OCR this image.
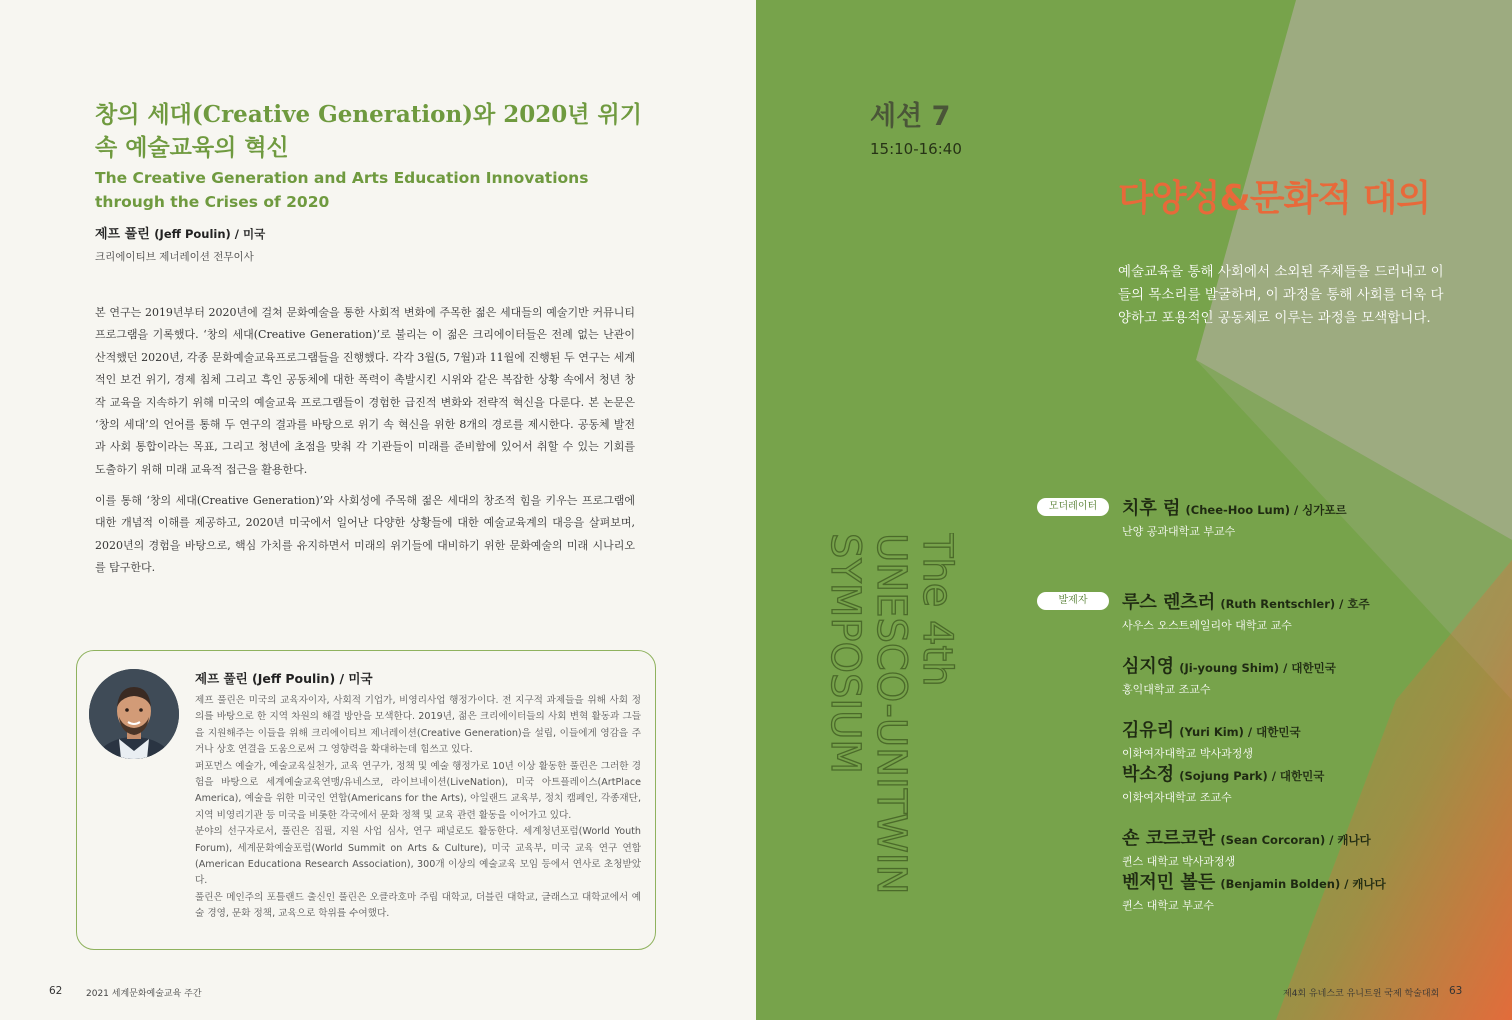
창의 세대(Creative Generation)와 2020년 위기 속 예술교육의 혁신
The Creative Generation and Arts Education Innovations through the Crises of 2020
제프 풀린 (Jeff Poulin) / 미국
크리에이티브 제너레이션 전무이사

본 연구는 2019년부터 2020년에 걸쳐 문화예술을 통한 사회적 변화에 주목한 젊은 세대들의 예술기반 커뮤니티 프로그램을 기록했다. ‘창의 세대(Creative Generation)’로 불리는 이 젊은 크리에이터들은 전례 없는 난관이 산적했던 2020년, 각종 문화예술교육프로그램들을 진행했다. 각각 3월(5, 7월)과 11월에 진행된 두 연구는 세계적인 보건 위기, 경제 침체 그리고 흑인 공동체에 대한 폭력이 촉발시킨 시위와 같은 복잡한 상황 속에서 청년 창작 교육을 지속하기 위해 미국의 예술교육 프로그램들이 경험한 급진적 변화와 전략적 혁신을 다룬다. 본 논문은 ‘창의 세대’의 언어를 통해 두 연구의 결과를 바탕으로 위기 속 혁신을 위한 8개의 경로를 제시한다. 공동체 발전과 사회 통합이라는 목표, 그리고 청년에 초점을 맞춰 각 기관들이 미래를 준비함에 있어서 취할 수 있는 기회를 도출하기 위해 미래 교육적 접근을 활용한다.

이를 통해 ‘창의 세대(Creative Generation)’와 사회성에 주목해 젊은 세대의 창조적 힘을 키우는 프로그램에 대한 개념적 이해를 제공하고, 2020년 미국에서 일어난 다양한 상황들에 대한 예술교육계의 대응을 살펴보며, 2020년의 경험을 바탕으로, 핵심 가치를 유지하면서 미래의 위기들에 대비하기 위한 문화예술의 미래 시나리오를 탐구한다.

제프 풀린 (Jeff Poulin) / 미국

제프 풀린은 미국의 교육자이자, 사회적 기업가, 비영리사업 행정가이다. 전 지구적 과제들을 위해 사회 정의를 바탕으로 한 지역 차원의 해결 방안을 모색한다. 2019년, 젊은 크리에이터들의 사회 변혁 활동과 그들을 지원해주는 이들을 위해 크리에이티브 제너레이션(Creative Generation)을 설립, 이들에게 영감을 주거나 상호 연결을 도움으로써 그 영향력을 확대하는데 힘쓰고 있다.

퍼포먼스 예술가, 예술교육실천가, 교육 연구가, 정책 및 예술 행정가로 10년 이상 활동한 풀린은 그러한 경험을 바탕으로 세계예술교육연맹/유네스코, 라이브네이션(LiveNation), 미국 아트플레이스(ArtPlace America), 예술을 위한 미국인 연합(Americans for the Arts), 아일랜드 교육부, 정치 캠페인, 각종재단, 지역 비영리기관 등 미국을 비롯한 각국에서 문화 정책 및 교육 관련 활동을 이어가고 있다.

분야의 선구자로서, 풀린은 집필, 지원 사업 심사, 연구 패널로도 활동한다. 세계청년포럼(World Youth Forum), 세계문화예술포럼(World Summit on Arts & Culture), 미국 교육부, 미국 교육 연구 연합(American Educationa Research Association), 300개 이상의 예술교육 모임 등에서 연사로 초청받았다.

풀린은 메인주의 포틀랜드 출신인 풀린은 오클라호마 주립 대학교, 더블린 대학교, 글래스고 대학교에서 예술 경영, 문화 정책, 교육으로 학위를 수여했다.

62	2021 세계문화예술교육 주간
세션 7
15:10-16:40
다양성&문화적 대의

예술교육을 통해 사회에서 소외된 주체들을 드러내고 이들의 목소리를 발굴하며, 이 과정을 통해 사회를 더욱 다양하고 포용적인 공동체로 이루는 과정을 모색합니다.

The 4th
UNESCO-UNITWIN
SYMPOSIUM
모더레이터	치후 럼 (Chee-Hoo Lum) / 싱가포르
난양 공과대학교 부교수
발제자	루스 렌츠러 (Ruth Rentschler) / 호주
사우스 오스트레일리아 대학교 교수
심지영 (Ji-young Shim) / 대한민국
홍익대학교 조교수
김유리 (Yuri Kim) / 대한민국
이화여자대학교 박사과정생
박소정 (Sojung Park) / 대한민국
이화여자대학교 조교수
숀 코르코란 (Sean Corcoran) / 캐나다
퀸스 대학교 박사과정생
벤저민 볼든 (Benjamin Bolden) / 캐나다
퀸스 대학교 부교수
제4회 유네스코 유니트윈 국제 학술대회 63
